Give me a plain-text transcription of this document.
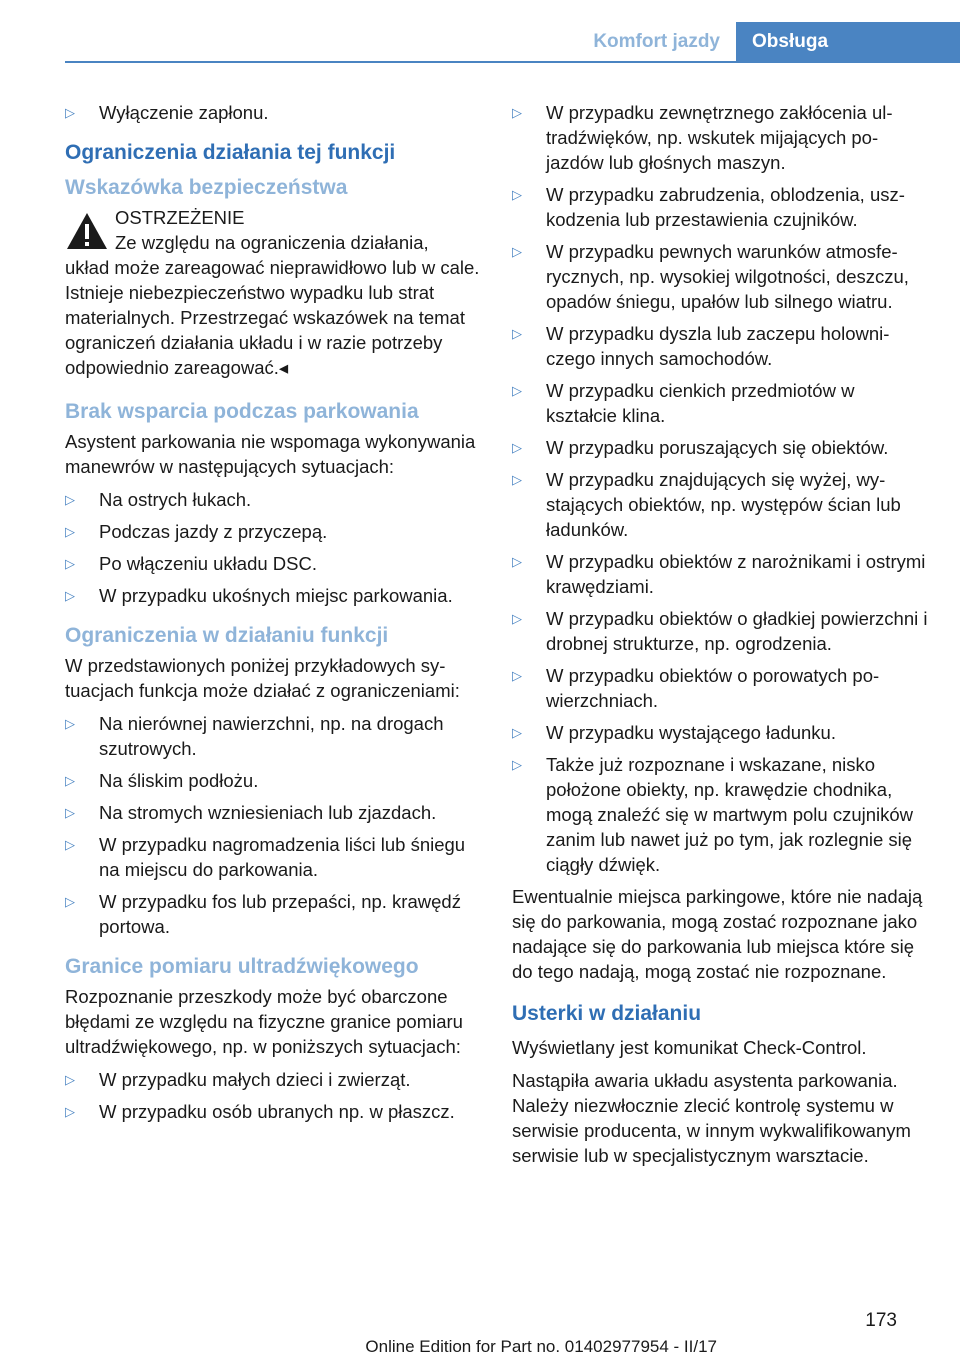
Komfort jazdy	Obsługa
▷ Wyłączenie zapłonu.
Ograniczenia działania tej funkcji
Wskazówka bezpieczeństwa
OSTRZEŻENIE
Ze względu na ograniczenia działania,
układ może zareagować nieprawidłowo lub w cale. Istnieje niebezpieczeństwo wypadku lub strat materialnych. Przestrzegać wskazówek na temat ograniczeń działania układu i w razie potrzeby odpowiednio zareagować.◂
Brak wsparcia podczas parkowania

Asystent parkowania nie wspomaga wykonywania manewrów w następujących sytuacjach:

▷ Na ostrych łukach.
▷ Podczas jazdy z przyczepą.
▷ Po włączeniu układu DSC.
▷ W przypadku ukośnych miejsc parkowania.
Ograniczenia w działaniu funkcji

W przedstawionych poniżej przykładowych sytuacjach funkcja może działać z ograniczeniami:

▷ Na nierównej nawierzchni, np. na drogach szutrowych.
▷ Na śliskim podłożu.
▷ Na stromych wzniesieniach lub zjazdach.
▷ W przypadku nagromadzenia liści lub śniegu na miejscu do parkowania.
▷ W przypadku fos lub przepaści, np. krawędź portowa.
Granice pomiaru ultradźwiękowego

Rozpoznanie przeszkody może być obarczone błędami ze względu na fizyczne granice pomiaru ultradźwiękowego, np. w poniższych sytuacjach:

▷ W przypadku małych dzieci i zwierząt.
▷ W przypadku osób ubranych np. w płaszcz.
▷ W przypadku zewnętrznego zakłócenia ultradźwięków, np. wskutek mijających pojazdów lub głośnych maszyn.
▷ W przypadku zabrudzenia, oblodzenia, uszkodzenia lub przestawienia czujników.
▷ W przypadku pewnych warunków atmosferycznych, np. wysokiej wilgotności, deszczu, opadów śniegu, upałów lub silnego wiatru.
▷ W przypadku dyszla lub zaczepu holowniczego innych samochodów.
▷ W przypadku cienkich przedmiotów w kształcie klina.
▷ W przypadku poruszających się obiektów.
▷ W przypadku znajdujących się wyżej, wystających obiektów, np. występów ścian lub ładunków.
▷ W przypadku obiektów z narożnikami i ostrymi krawędziami.
▷ W przypadku obiektów o gładkiej powierzchni i drobnej strukturze, np. ogrodzenia.
▷ W przypadku obiektów o porowatych powierzchniach.
▷ W przypadku wystającego ładunku.
▷ Także już rozpoznane i wskazane, nisko położone obiekty, np. krawędzie chodnika, mogą znaleźć się w martwym polu czujników zanim lub nawet już po tym, jak rozlegnie się ciągły dźwięk.

Ewentualnie miejsca parkingowe, które nie nadają się do parkowania, mogą zostać rozpoznane jako nadające się do parkowania lub miejsca które się do tego nadają, mogą zostać nie rozpoznane.

Usterki w działaniu

Wyświetlany jest komunikat Check-Control.

Nastąpiła awaria układu asystenta parkowania. Należy niezwłocznie zlecić kontrolę systemu w serwisie producenta, w innym wykwalifikowanym serwisie lub w specjalistycznym warsztacie.

173
Online Edition for Part no. 01402977954 - II/17
